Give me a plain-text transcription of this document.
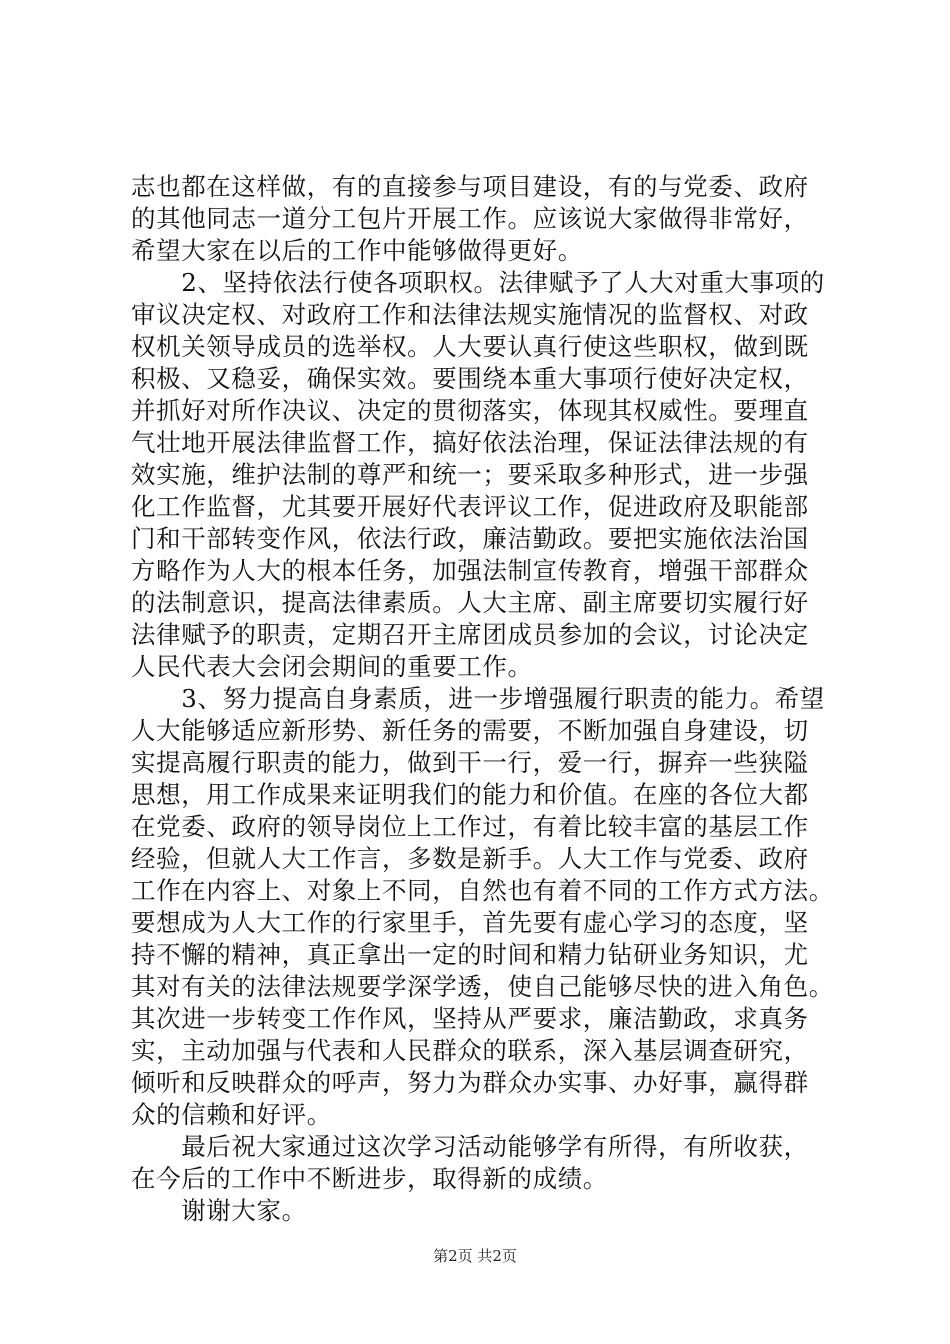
志也都在这样做，有的直接参与项目建设，有的与党委、政府
的其他同志一道分工包片开展工作。应该说大家做得非常好，
希望大家在以后的工作中能够做得更好。
　　2、坚持依法行使各项职权。法律赋予了人大对重大事项的
审议决定权、对政府工作和法律法规实施情况的监督权、对政
权机关领导成员的选举权。人大要认真行使这些职权，做到既
积极、又稳妥，确保实效。要围绕本重大事项行使好决定权，
并抓好对所作决议、决定的贯彻落实，体现其权威性。要理直
气壮地开展法律监督工作，搞好依法治理，保证法律法规的有
效实施，维护法制的尊严和统一；要采取多种形式，进一步强
化工作监督，尤其要开展好代表评议工作，促进政府及职能部
门和干部转变作风，依法行政，廉洁勤政。要把实施依法治国
方略作为人大的根本任务，加强法制宣传教育，增强干部群众
的法制意识，提高法律素质。人大主席、副主席要切实履行好
法律赋予的职责，定期召开主席团成员参加的会议，讨论决定
人民代表大会闭会期间的重要工作。
　　3、努力提高自身素质，进一步增强履行职责的能力。希望
人大能够适应新形势、新任务的需要，不断加强自身建设，切
实提高履行职责的能力，做到干一行，爱一行，摒弃一些狭隘
思想，用工作成果来证明我们的能力和价值。在座的各位大都
在党委、政府的领导岗位上工作过，有着比较丰富的基层工作
经验，但就人大工作言，多数是新手。人大工作与党委、政府
工作在内容上、对象上不同，自然也有着不同的工作方式方法。
要想成为人大工作的行家里手，首先要有虚心学习的态度，坚
持不懈的精神，真正拿出一定的时间和精力钻研业务知识，尤
其对有关的法律法规要学深学透，使自己能够尽快的进入角色。
其次进一步转变工作作风，坚持从严要求，廉洁勤政，求真务
实，主动加强与代表和人民群众的联系，深入基层调查研究，
倾听和反映群众的呼声，努力为群众办实事、办好事，赢得群
众的信赖和好评。
　　最后祝大家通过这次学习活动能够学有所得，有所收获，
在今后的工作中不断进步，取得新的成绩。
　　谢谢大家。
第2页 共2页
